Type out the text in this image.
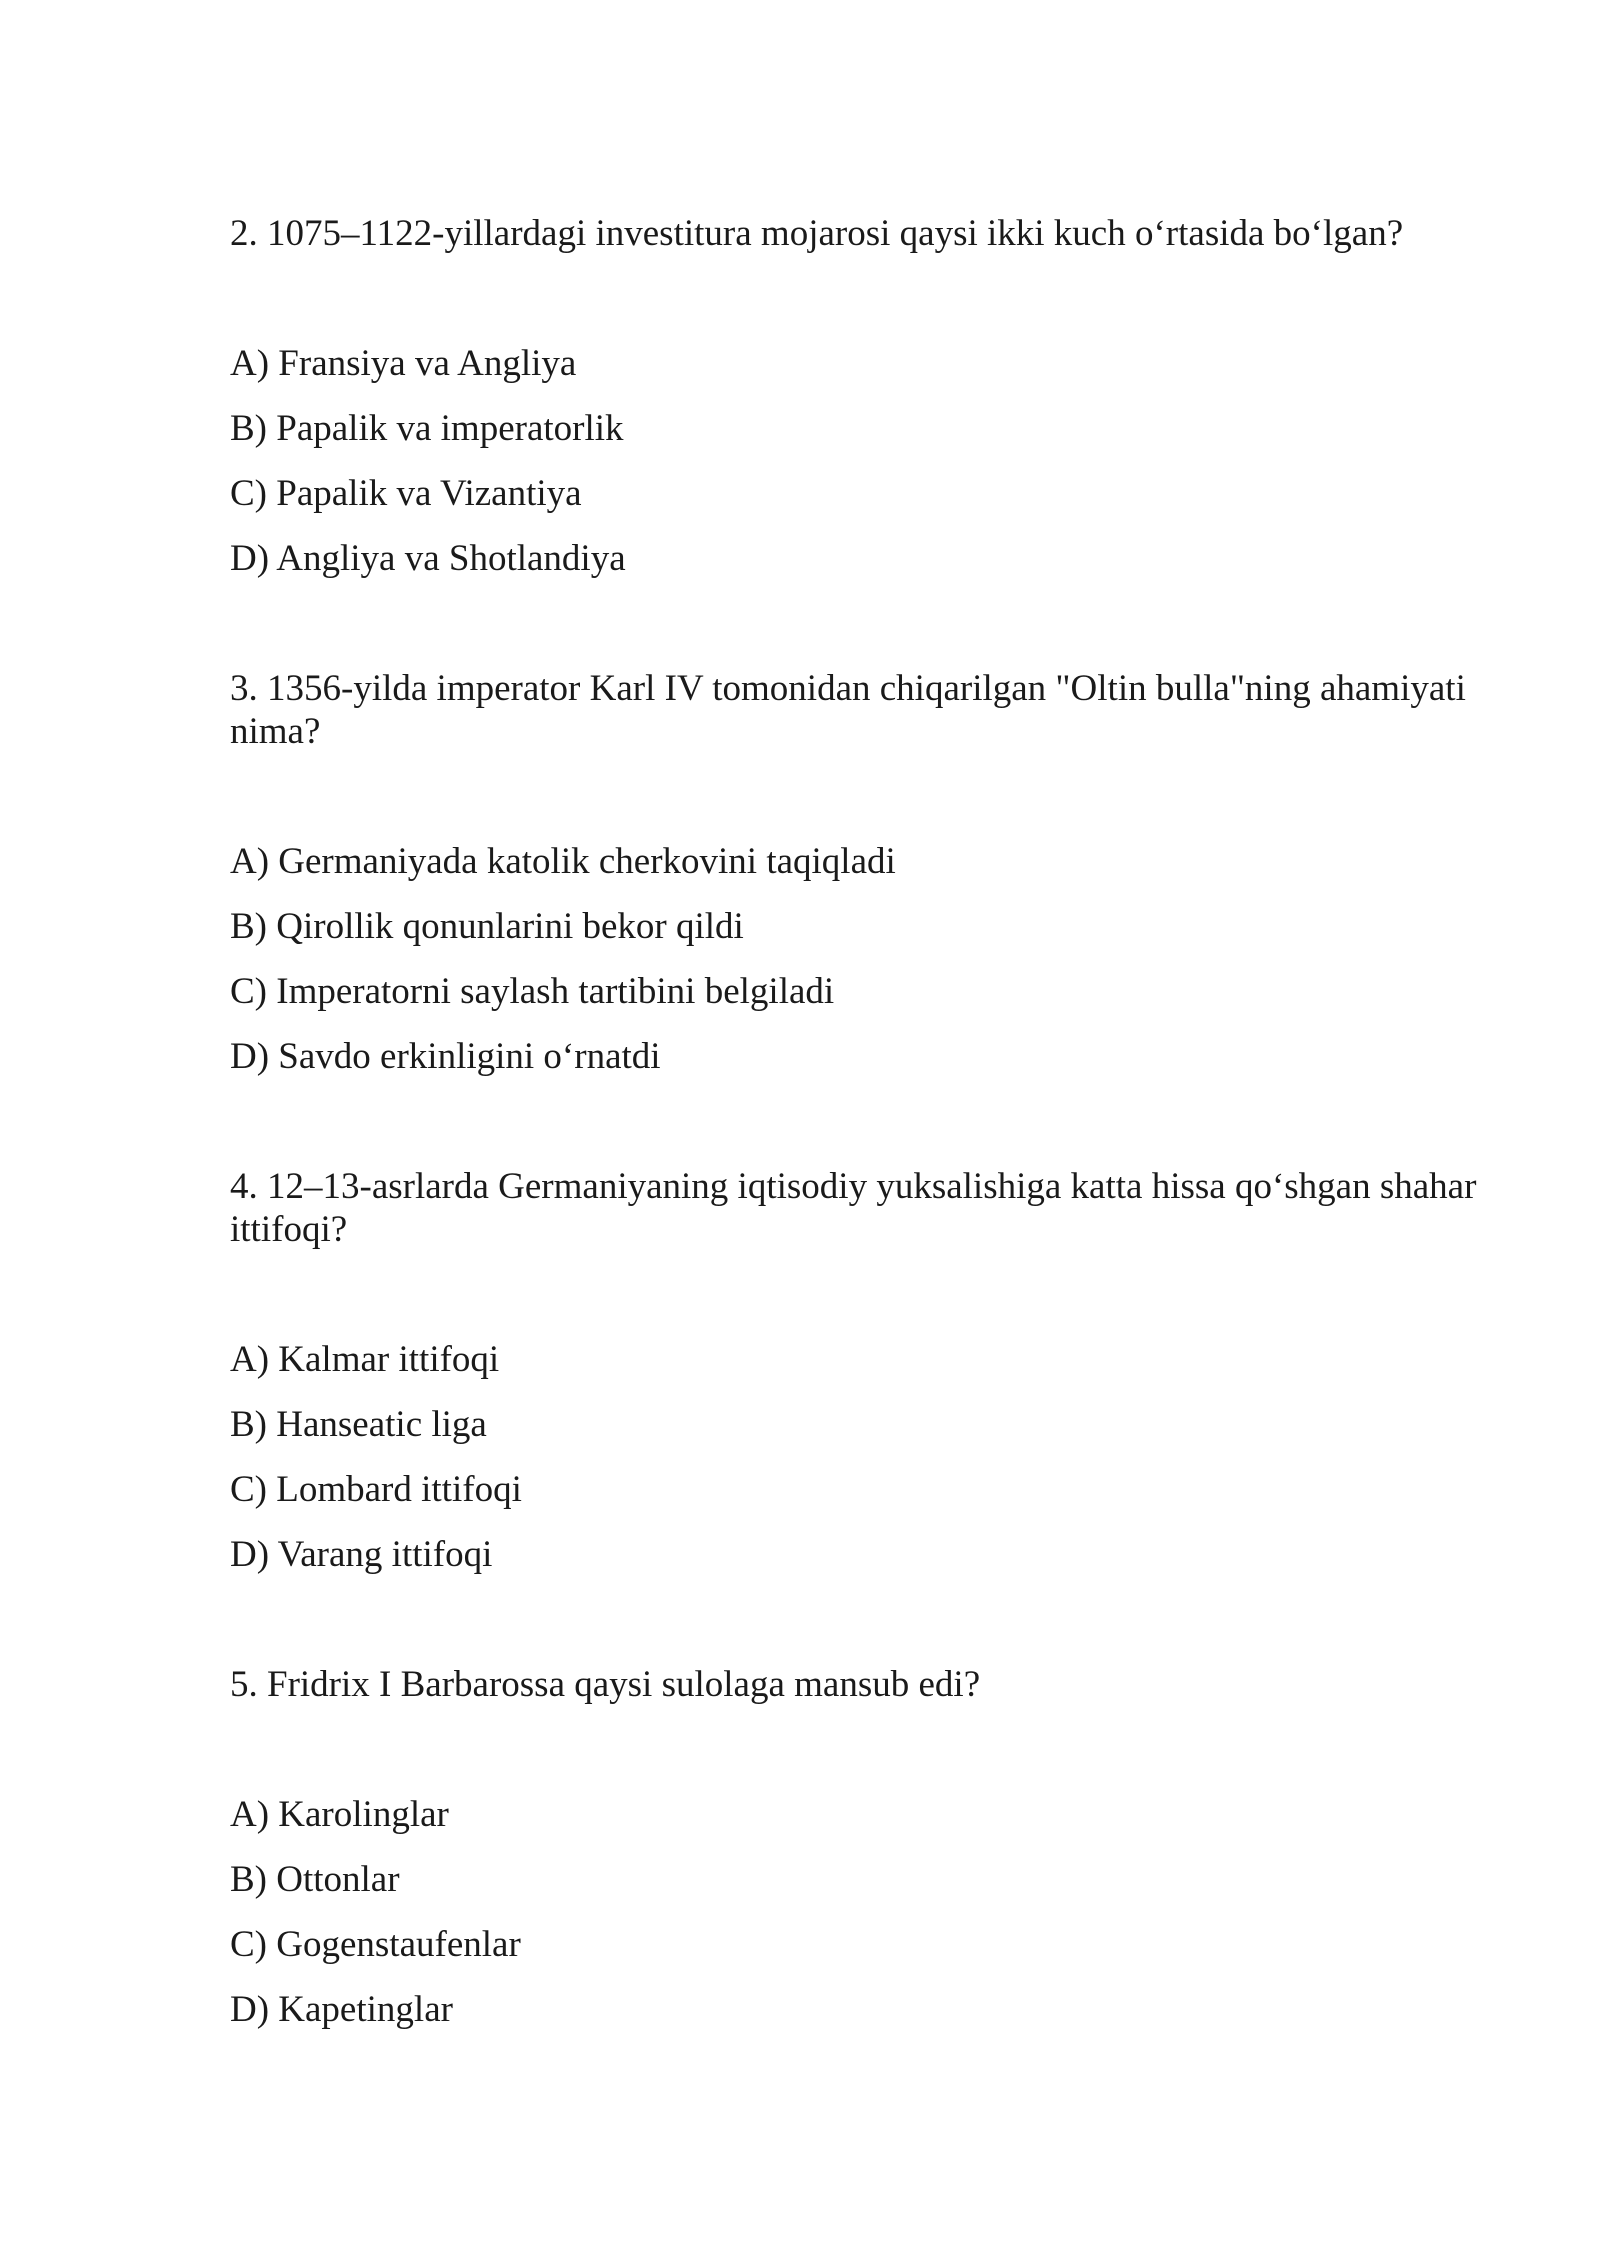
2. 1075–1122-yillardagi investitura mojarosi qaysi ikki kuch o‘rtasida bo‘lgan?

A) Fransiya va Angliya
B) Papalik va imperatorlik
C) Papalik va Vizantiya
D) Angliya va Shotlandiya

3. 1356-yilda imperator Karl IV tomonidan chiqarilgan "Oltin bulla"ning ahamiyati nima?

A) Germaniyada katolik cherkovini taqiqladi
B) Qirollik qonunlarini bekor qildi
C) Imperatorni saylash tartibini belgiladi
D) Savdo erkinligini o‘rnatdi

4. 12–13-asrlarda Germaniyaning iqtisodiy yuksalishiga katta hissa qo‘shgan shahar ittifoqi?

A) Kalmar ittifoqi
B) Hanseatic liga
C) Lombard ittifoqi
D) Varang ittifoqi

5. Fridrix I Barbarossa qaysi sulolaga mansub edi?

A) Karolinglar
B) Ottonlar
C) Gogenstaufenlar
D) Kapetinglar
